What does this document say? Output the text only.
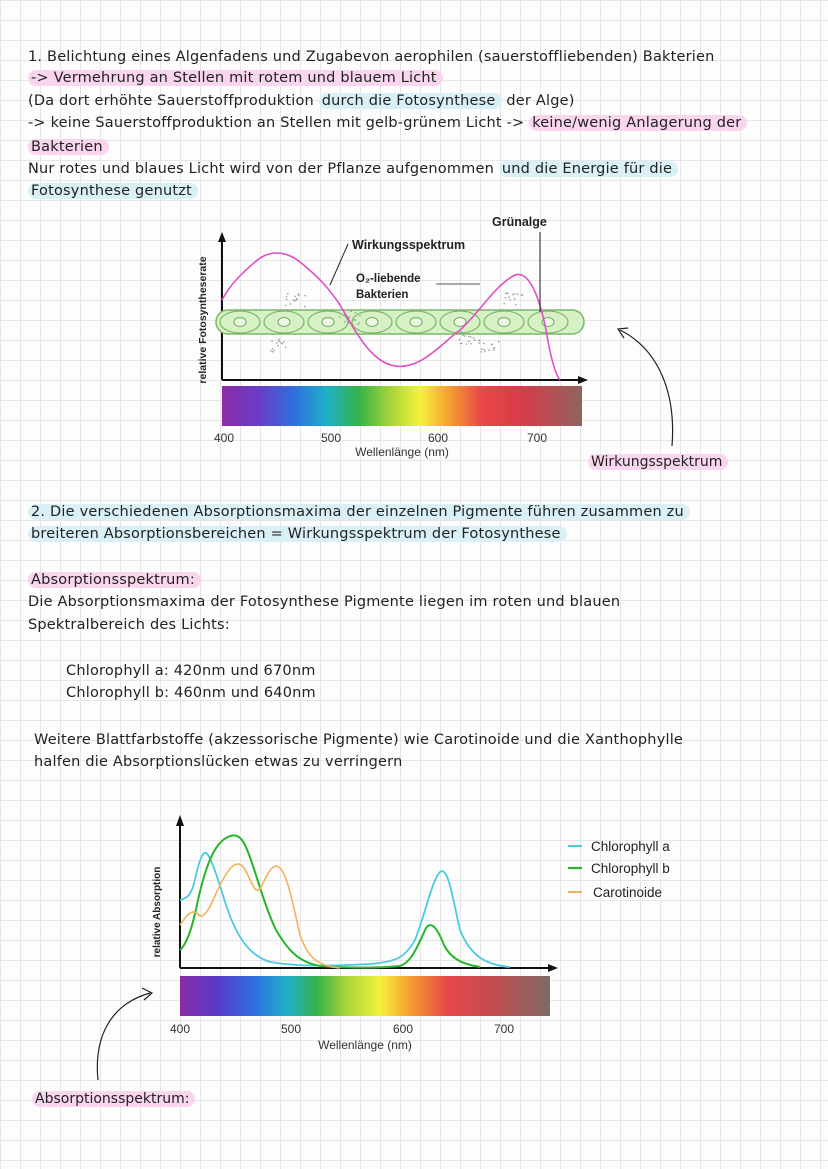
1. Belichtung eines Algenfadens und Zugabevon aerophilen (sauerstoffliebenden) Bakterien
-> Vermehrung an Stellen mit rotem und blauem Licht
(Da dort erhöhte Sauerstoffproduktion durch die Fotosynthese der Alge)
-> keine Sauerstoffproduktion an Stellen mit gelb-grünem Licht -> keine/wenig Anlagerung der
Bakterien
Nur rotes und blaues Licht wird von der Pflanze aufgenommen und die Energie für die
Fotosynthese genutzt
400	500	600	700
Wellenlänge (nm)
relative Fotosyntheserate
Wirkungsspektrum
O₂-liebende
Bakterien
Grünalge
400	500	600	700
Wellenlänge (nm)
relative Absorption
Chlorophyll a
Chlorophyll b
Carotinoide
Wirkungsspektrum
2. Die verschiedenen Absorptionsmaxima der einzelnen Pigmente führen zusammen zu
breiteren Absorptionsbereichen = Wirkungsspektrum der Fotosynthese
Absorptionsspektrum:
Die Absorptionsmaxima der Fotosynthese Pigmente liegen im roten und blauen
Spektralbereich des Lichts:
Chlorophyll a: 420nm und 670nm
Chlorophyll b: 460nm und 640nm
Weitere Blattfarbstoffe (akzessorische Pigmente) wie Carotinoide und die Xanthophylle
halfen die Absorptionslücken etwas zu verringern
Absorptionsspektrum:
